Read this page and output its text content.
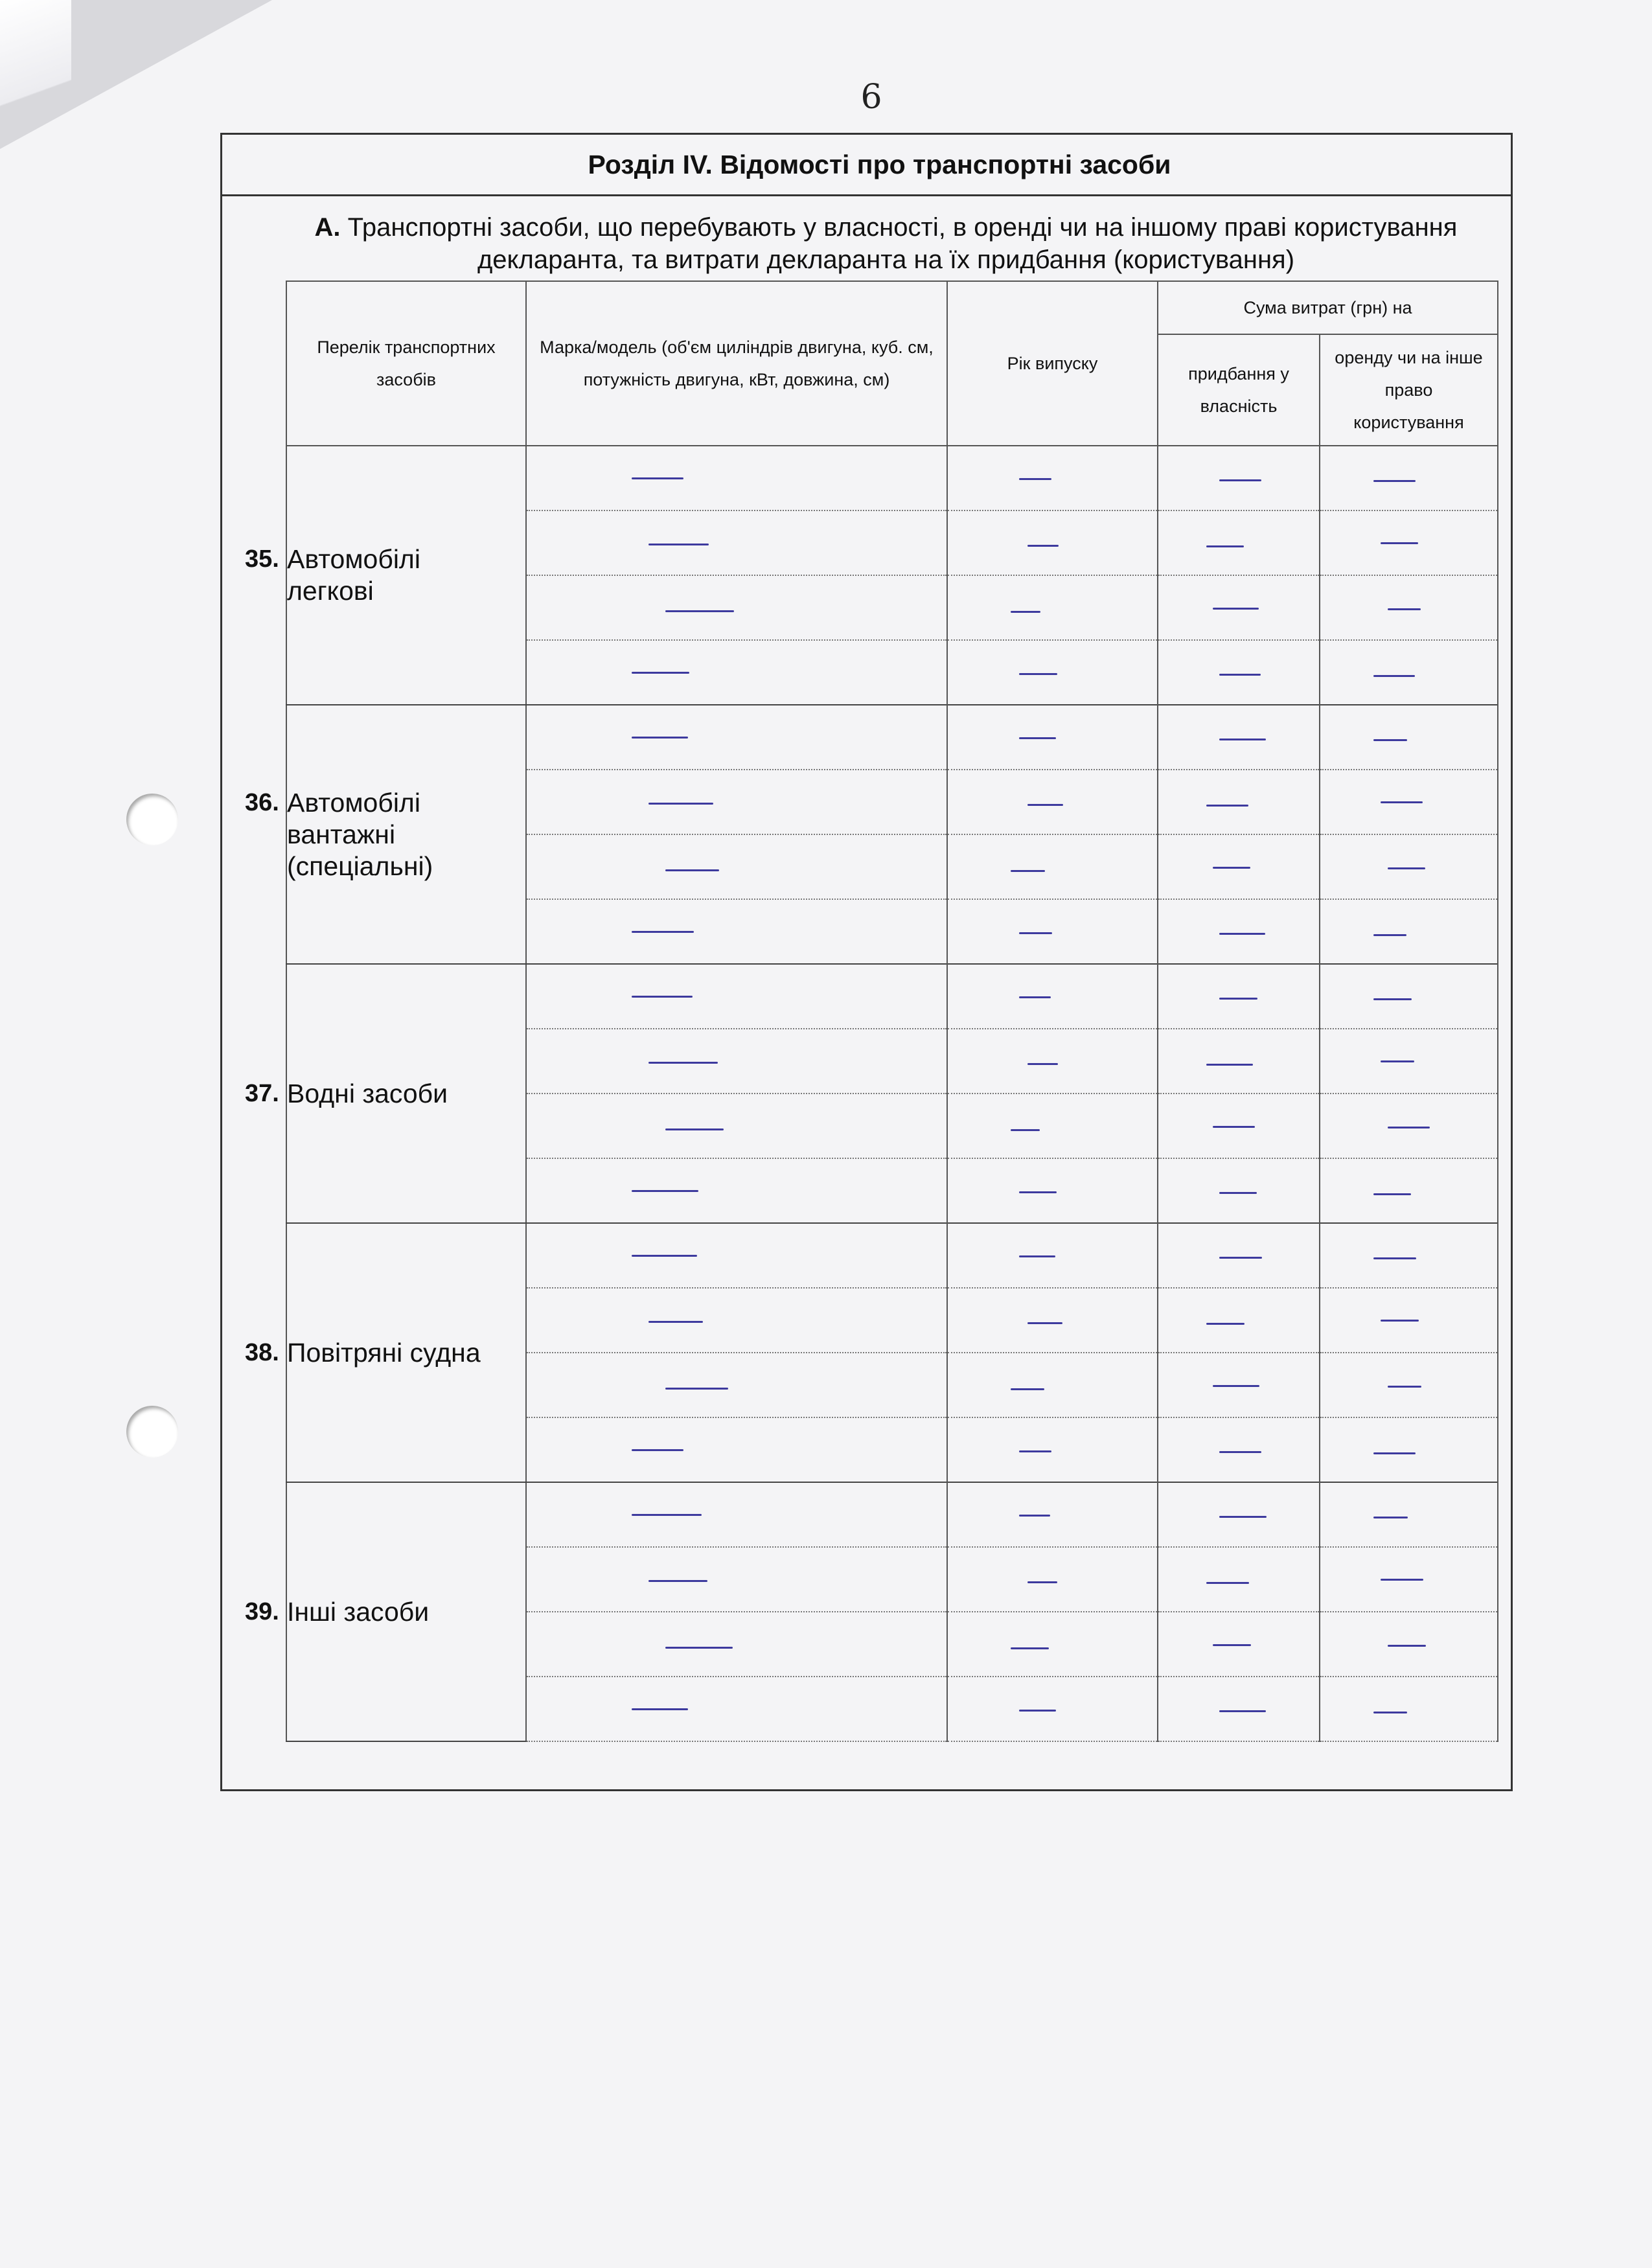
6
Розділ IV. Відомості про транспортні засоби
А. Транспортні засоби, що перебувають у власності, в оренді чи на іншому праві користування декларанта, та витрати декларанта на їх придбання (користування)
Перелік транспортних засобів	Марка/модель (об'єм циліндрів двигуна, куб. см, потужність двигуна, кВт, довжина, см)	Рік випуску	Сума витрат (грн) на	

			придбання у власність	оренду чи на інше право користування

35. Автомобілі легкові				

36. Автомобілі вантажні (спеціальні)				

37. Водні засоби				

38. Повітряні судна				

39. Інші засоби				
